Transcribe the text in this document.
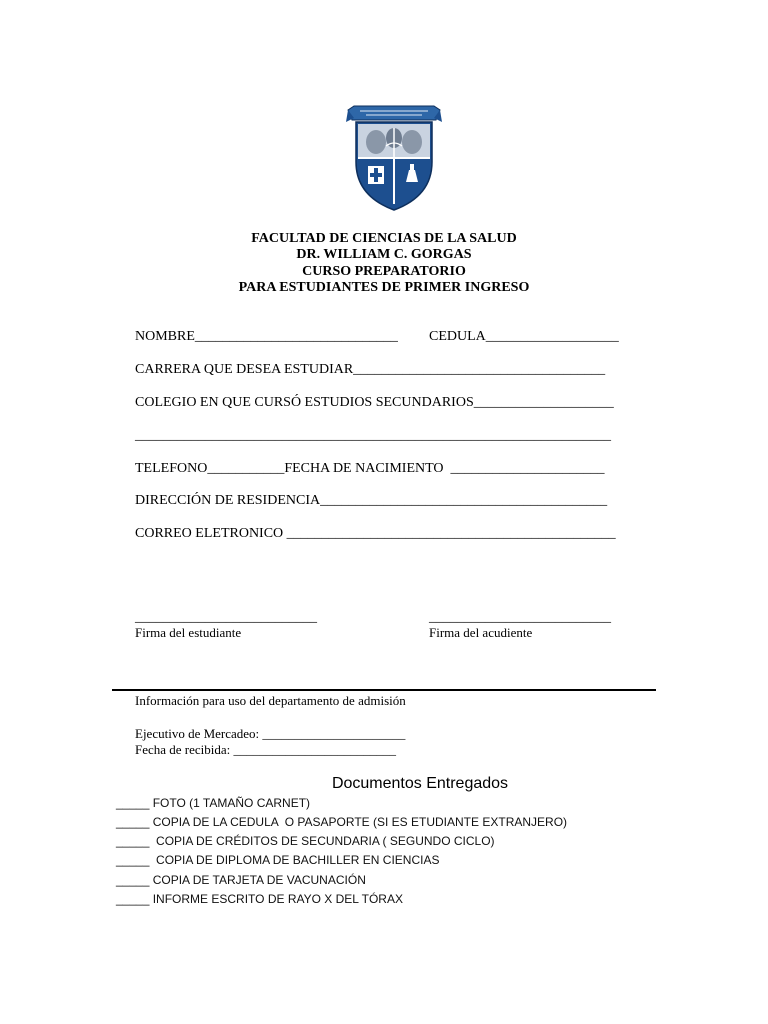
FACULTAD DE CIENCIAS DE LA SALUD
DR. WILLIAM C. GORGAS
CURSO PREPARATORIO
PARA ESTUDIANTES DE PRIMER INGRESO
NOMBRE_____________________________ CEDULA___________________
CARRERA QUE DESEA ESTUDIAR____________________________________
COLEGIO EN QUE CURSÓ ESTUDIOS SECUNDARIOS____________________
____________________________________________________________________
TELEFONO___________FECHA DE NACIMIENTO  ______________________
DIRECCIÓN DE RESIDENCIA_________________________________________
CORREO ELETRONICO _______________________________________________
__________________________
Firma del estudiante
__________________________
Firma del acudiente
Información para uso del departamento de admisión
Ejecutivo de Mercadeo: ______________________
Fecha de recibida: _________________________
Documentos Entregados
_____ FOTO (1 TAMAÑO CARNET)
_____ COPIA DE LA CEDULA  O PASAPORTE (SI ES ETUDIANTE EXTRANJERO)
_____  COPIA DE CRÉDITOS DE SECUNDARIA ( SEGUNDO CICLO)
_____  COPIA DE DIPLOMA DE BACHILLER EN CIENCIAS
_____ COPIA DE TARJETA DE VACUNACIÓN
_____ INFORME ESCRITO DE RAYO X DEL TÓRAX
